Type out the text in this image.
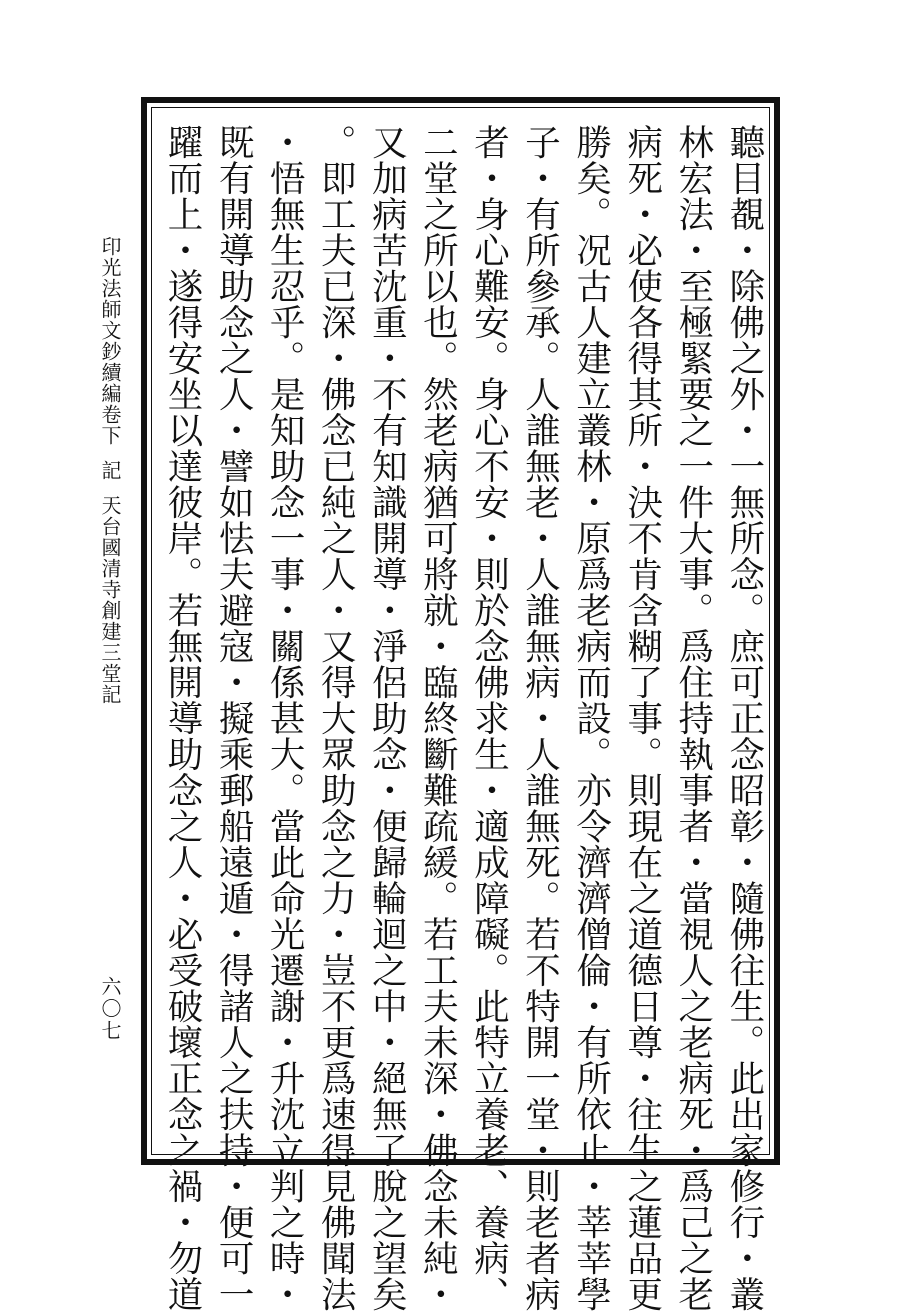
印光法師文鈔續編卷下記天台國清寺創建三堂記
六〇七	聽目覩・除佛之外・一無所念。庶可正念昭彰・隨佛往生。此出家修行・叢
林宏法・至極緊要之一件大事。爲住持執事者・當視人之老病死・爲己之老
病死・必使各得其所・決不肯含糊了事。則現在之道德日尊・往生之蓮品更
勝矣。况古人建立叢林・原爲老病而設。亦令濟濟僧倫・有所依止・莘莘學
子・有所參承。人誰無老・人誰無病・人誰無死。若不特開一堂・則老者病
者・身心難安。身心不安・則於念佛求生・適成障礙。此特立養老、養病、
二堂之所以也。然老病猶可將就・臨終斷難疏緩。若工夫未深・佛念未純・
又加病苦沈重・不有知識開導・淨侶助念・便歸輪迴之中・絕無了脫之望矣
。即工夫已深・佛念已純之人・又得大眾助念之力・豈不更爲速得見佛聞法
・悟無生忍乎。是知助念一事・關係甚大。當此命光遷謝・升沈立判之時・
既有開導助念之人・譬如怯夫避寇・擬乘郵船遠遁・得諸人之扶持・便可一
躍而上・遂得安坐以達彼岸。若無開導助念之人・必受破壞正念之禍・勿道
